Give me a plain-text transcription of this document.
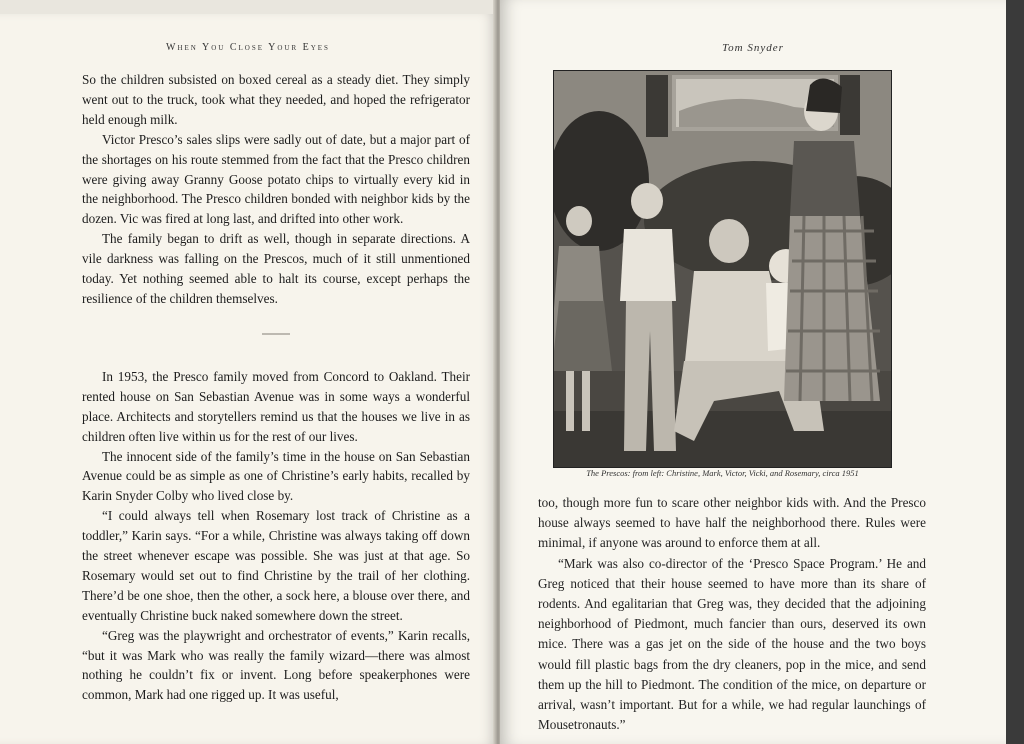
When You Close Your Eyes

So the children subsisted on boxed cereal as a steady diet. They simply went out to the truck, took what they needed, and hoped the refrigerator held enough milk.

Victor Presco’s sales slips were sadly out of date, but a major part of the shortages on his route stemmed from the fact that the Presco children were giving away Granny Goose potato chips to virtually every kid in the neighborhood. The Presco children bonded with neighbor kids by the dozen. Vic was fired at long last, and drifted into other work.

The family began to drift as well, though in separate directions. A vile darkness was falling on the Prescos, much of it still unmentioned today. Yet nothing seemed able to halt its course, except perhaps the resilience of the children themselves.

In 1953, the Presco family moved from Concord to Oakland. Their rented house on San Sebastian Avenue was in some ways a wonderful place. Architects and storytellers remind us that the houses we live in as children often live within us for the rest of our lives.

The innocent side of the family’s time in the house on San Sebastian Avenue could be as simple as one of Christine’s early habits, recalled by Karin Snyder Colby who lived close by.

“I could always tell when Rosemary lost track of Christine as a toddler,” Karin says. “For a while, Christine was always taking off down the street whenever escape was possible. She was just at that age. So Rosemary would set out to find Christine by the trail of her clothing. There’d be one shoe, then the other, a sock here, a blouse over there, and eventually Christine buck naked somewhere down the street.

“Greg was the playwright and orchestrator of events,” Karin recalls, “but it was Mark who was really the family wizard—there was almost nothing he couldn’t fix or invent. Long before speakerphones were common, Mark had one rigged up. It was useful,

Tom Snyder
The Prescos: from left: Christine, Mark, Victor, Vicki, and Rosemary, circa 1951

too, though more fun to scare other neighbor kids with. And the Presco house always seemed to have half the neighborhood there. Rules were minimal, if anyone was around to enforce them at all.

“Mark was also co-director of the ‘Presco Space Program.’ He and Greg noticed that their house seemed to have more than its share of rodents. And egalitarian that Greg was, they decided that the adjoining neighborhood of Piedmont, much fancier than ours, deserved its own mice. There was a gas jet on the side of the house and the two boys would fill plastic bags from the dry cleaners, pop in the mice, and send them up the hill to Piedmont. The condition of the mice, on departure or arrival, wasn’t important. But for a while, we had regular launchings of Mousetronauts.”
